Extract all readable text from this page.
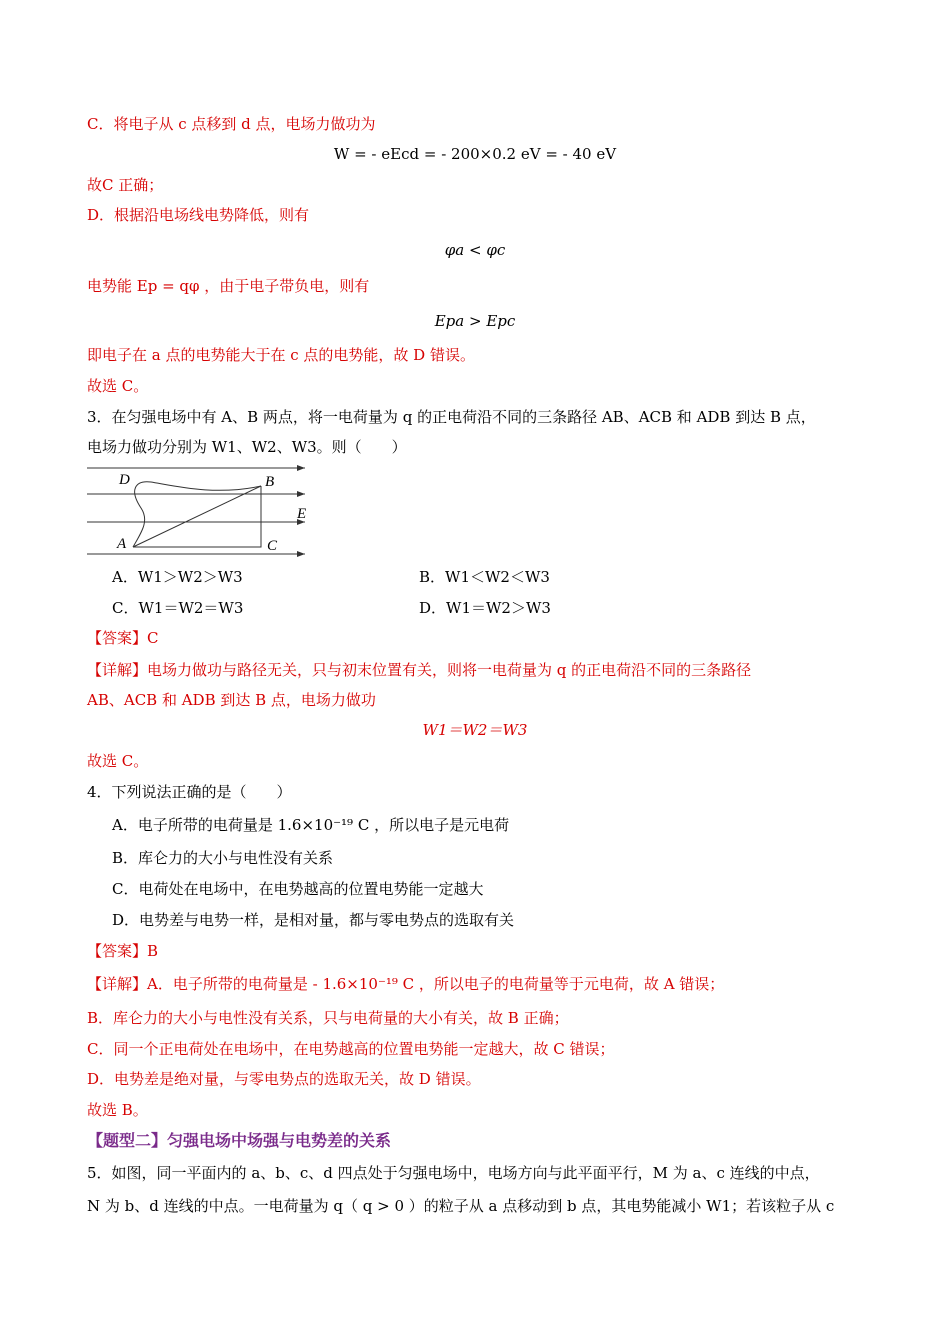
C．将电子从 c 点移到 d 点，电场力做功为
W = - eEcd = - 200×0.2 eV = - 40 eV
故C 正确；
D．根据沿电场线电势降低，则有
φa < φc
电势能 Ep = qφ ，由于电子带负电，则有
Epa > Epc
即电子在 a 点的电势能大于在 c 点的电势能，故 D 错误。
故选 C。
3．在匀强电场中有 A、B 两点，将一电荷量为 q 的正电荷沿不同的三条路径 AB、ACB 和 ADB 到达 B 点，
电场力做功分别为 W1、W2、W3。则（　　）
D	B
E
A	C
A．W1＞W2＞W3	B．W1＜W2＜W3
C．W1＝W2＝W3	D．W1＝W2＞W3
【答案】C
【详解】电场力做功与路径无关，只与初末位置有关，则将一电荷量为 q 的正电荷沿不同的三条路径
AB、ACB 和 ADB 到达 B 点，电场力做功
W1＝W2＝W3
故选 C。
4．下列说法正确的是（　　）
A．电子所带的电荷量是 1.6×10⁻¹⁹ C ，所以电子是元电荷
B．库仑力的大小与电性没有关系
C．电荷处在电场中，在电势越高的位置电势能一定越大
D．电势差与电势一样，是相对量，都与零电势点的选取有关
【答案】B
【详解】A．电子所带的电荷量是 - 1.6×10⁻¹⁹ C ，所以电子的电荷量等于元电荷，故 A 错误；
B．库仑力的大小与电性没有关系，只与电荷量的大小有关，故 B 正确；
C．同一个正电荷处在电场中，在电势越高的位置电势能一定越大，故 C 错误；
D．电势差是绝对量，与零电势点的选取无关，故 D 错误。
故选 B。
【题型二】匀强电场中场强与电势差的关系
5．如图，同一平面内的 a、b、c、d 四点处于匀强电场中，电场方向与此平面平行，M 为 a、c 连线的中点，
N 为 b、d 连线的中点。一电荷量为 q（ q > 0 ）的粒子从 a 点移动到 b 点，其电势能减小 W1；若该粒子从 c
